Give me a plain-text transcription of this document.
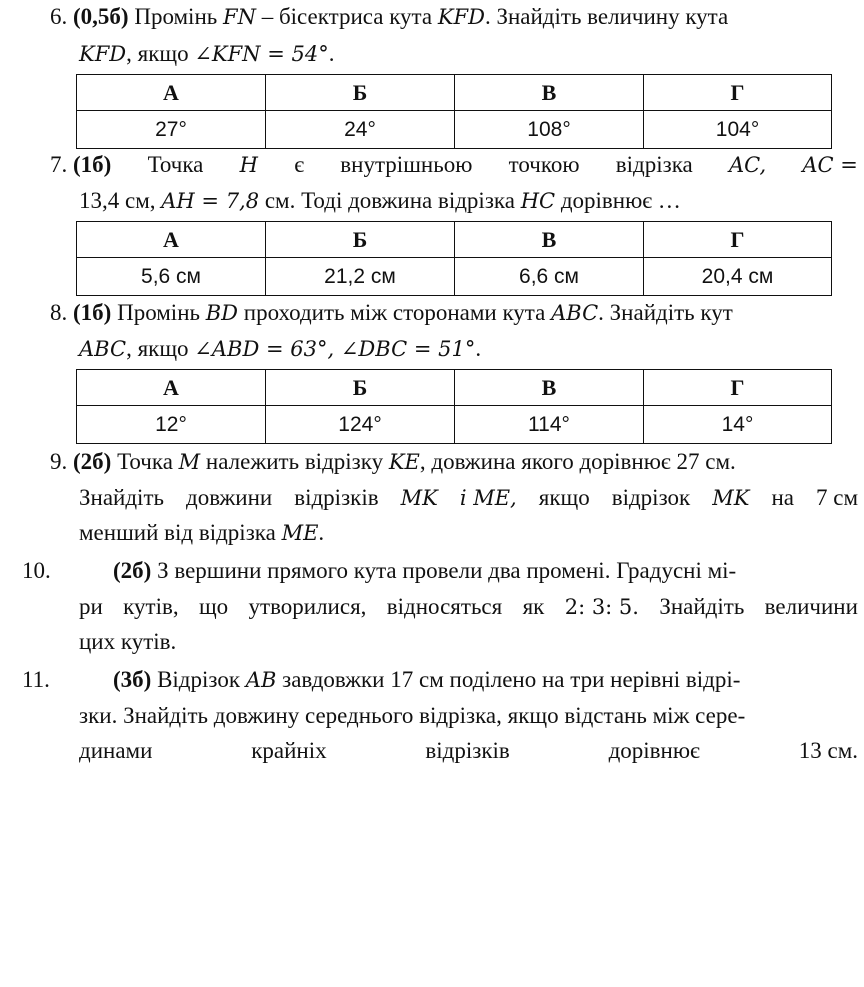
6. (0,5б) Промінь FN – бісектриса кута KFD. Знайдіть величину кута
KFD, якщо ∠KFN = 54°.
А	Б	В	Г
27°	24°	108°	104°
7. (1б) Точка H є внутрішньою точкою відрізка AC, AC =
13,4 см, AH = 7,8 см. Тоді довжина відрізка HC дорівнює …
А	Б	В	Г
5,6 см	21,2 см	6,6 см	20,4 см
8. (1б) Промінь BD проходить між сторонами кута ABC. Знайдіть кут
ABC, якщо ∠ABD = 63°, ∠DBC = 51°.
А	Б	В	Г
12°	124°	114°	14°
9. (2б) Точка M належить відрізку KE, довжина якого дорівнює 27 см.
Знайдіть довжини відрізків MK і ME, якщо відрізок MK на 7 см
менший від відрізка ME.
10.	(2б) З вершини прямого кута провели два промені. Градусні мі-
ри кутів, що утворилися, відносяться як 2: 3: 5. Знайдіть величини
цих кутів.
11.	(3б) Відрізок AB завдовжки 17 см поділено на три нерівні відрі-
зки. Знайдіть довжину середнього відрізка, якщо відстань між сере-
динами	крайніх	відрізків	дорівнює	13 см.
